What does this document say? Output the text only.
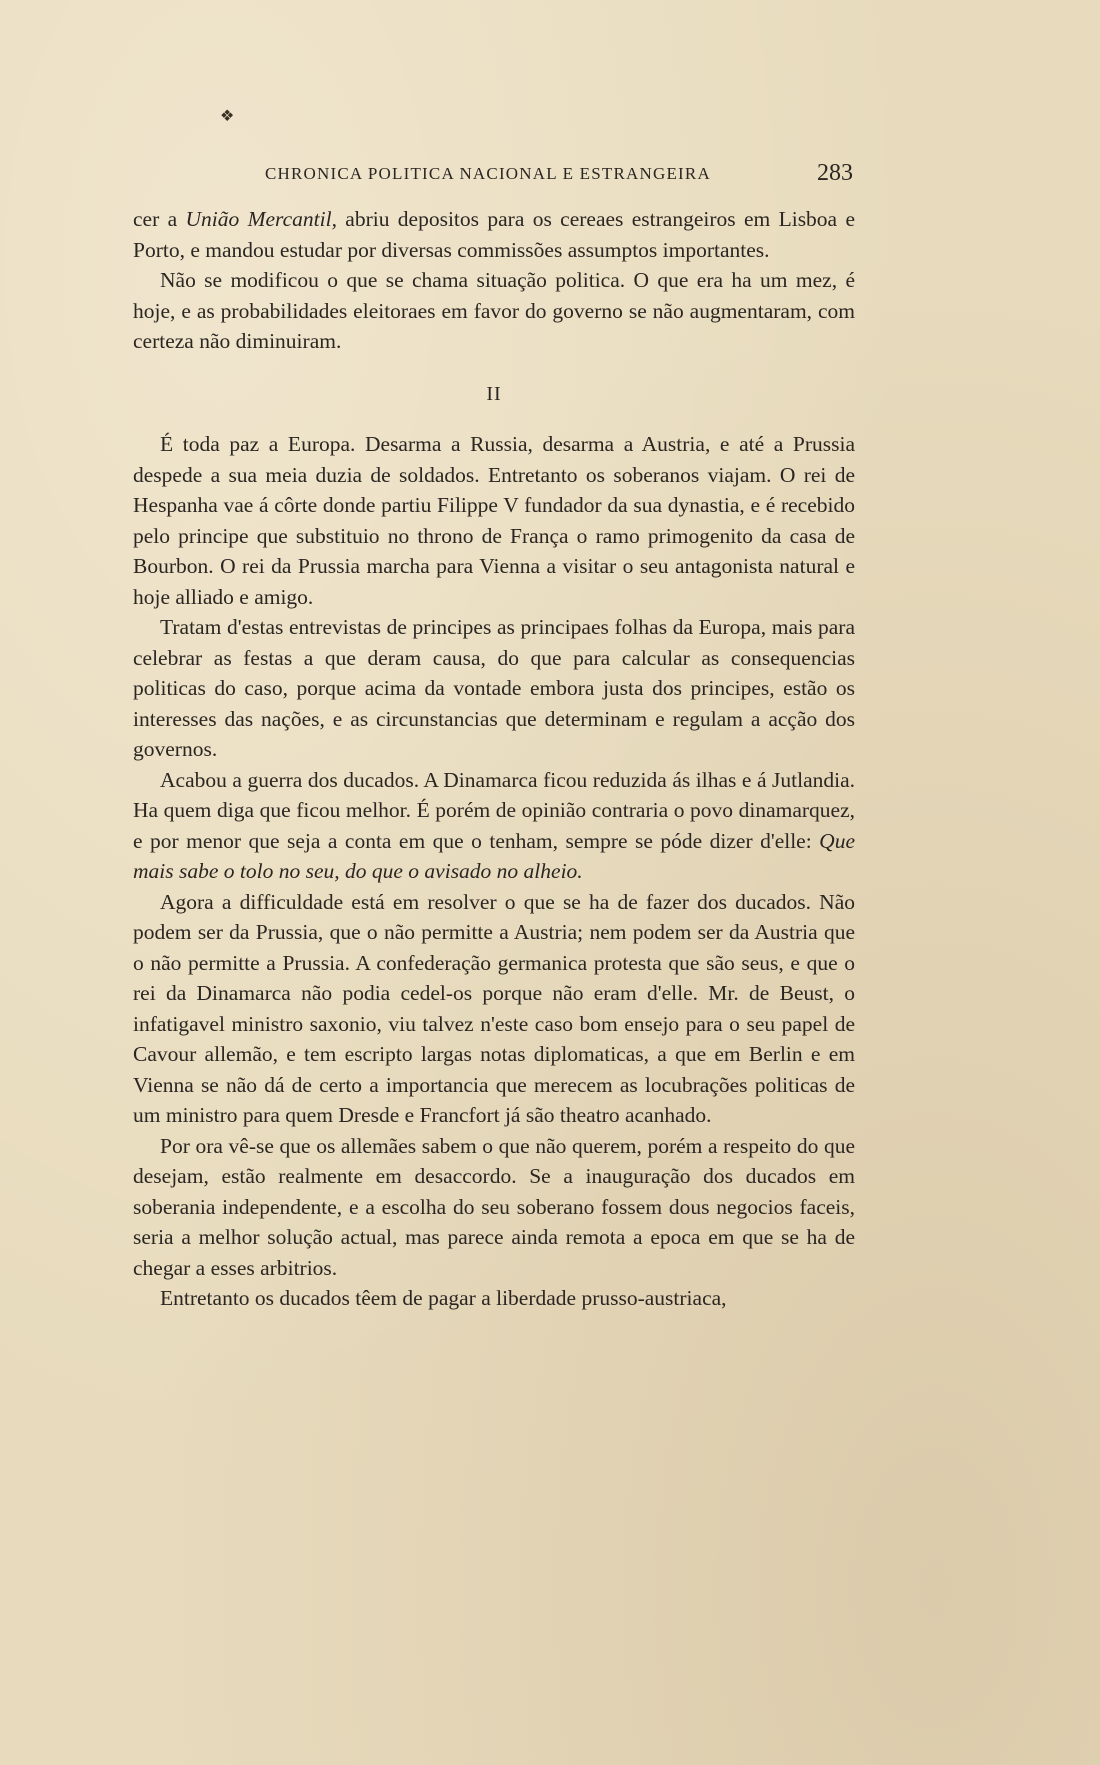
❖
CHRONICA POLITICA NACIONAL E ESTRANGEIRA	283

cer a União Mercantil, abriu depositos para os cereaes estrangeiros em Lisboa e Porto, e mandou estudar por diversas commissões assumptos importantes.

Não se modificou o que se chama situação politica. O que era ha um mez, é hoje, e as probabilidades eleitoraes em favor do governo se não augmentaram, com certeza não diminuiram.

II

É toda paz a Europa. Desarma a Russia, desarma a Austria, e até a Prussia despede a sua meia duzia de soldados. Entretanto os soberanos viajam. O rei de Hespanha vae á côrte donde partiu Filippe V fundador da sua dynastia, e é recebido pelo principe que substituio no throno de França o ramo primogenito da casa de Bourbon. O rei da Prussia marcha para Vienna a visitar o seu antagonista natural e hoje alliado e amigo.

Tratam d'estas entrevistas de principes as principaes folhas da Europa, mais para celebrar as festas a que deram causa, do que para calcular as consequencias politicas do caso, porque acima da vontade embora justa dos principes, estão os interesses das nações, e as circunstancias que determinam e regulam a acção dos governos.

Acabou a guerra dos ducados. A Dinamarca ficou reduzida ás ilhas e á Jutlandia. Ha quem diga que ficou melhor. É porém de opinião contraria o povo dinamarquez, e por menor que seja a conta em que o tenham, sempre se póde dizer d'elle: Que mais sabe o tolo no seu, do que o avisado no alheio.

Agora a difficuldade está em resolver o que se ha de fazer dos ducados. Não podem ser da Prussia, que o não permitte a Austria; nem podem ser da Austria que o não permitte a Prussia. A confederação germanica protesta que são seus, e que o rei da Dinamarca não podia cedel-os porque não eram d'elle. Mr. de Beust, o infatigavel ministro saxonio, viu talvez n'este caso bom ensejo para o seu papel de Cavour allemão, e tem escripto largas notas diplomaticas, a que em Berlin e em Vienna se não dá de certo a importancia que merecem as locubrações politicas de um ministro para quem Dresde e Francfort já são theatro acanhado.

Por ora vê-se que os allemães sabem o que não querem, porém a respeito do que desejam, estão realmente em desaccordo. Se a inauguração dos ducados em soberania independente, e a escolha do seu soberano fossem dous negocios faceis, seria a melhor solução actual, mas parece ainda remota a epoca em que se ha de chegar a esses arbitrios.

Entretanto os ducados têem de pagar a liberdade prusso-austriaca,
